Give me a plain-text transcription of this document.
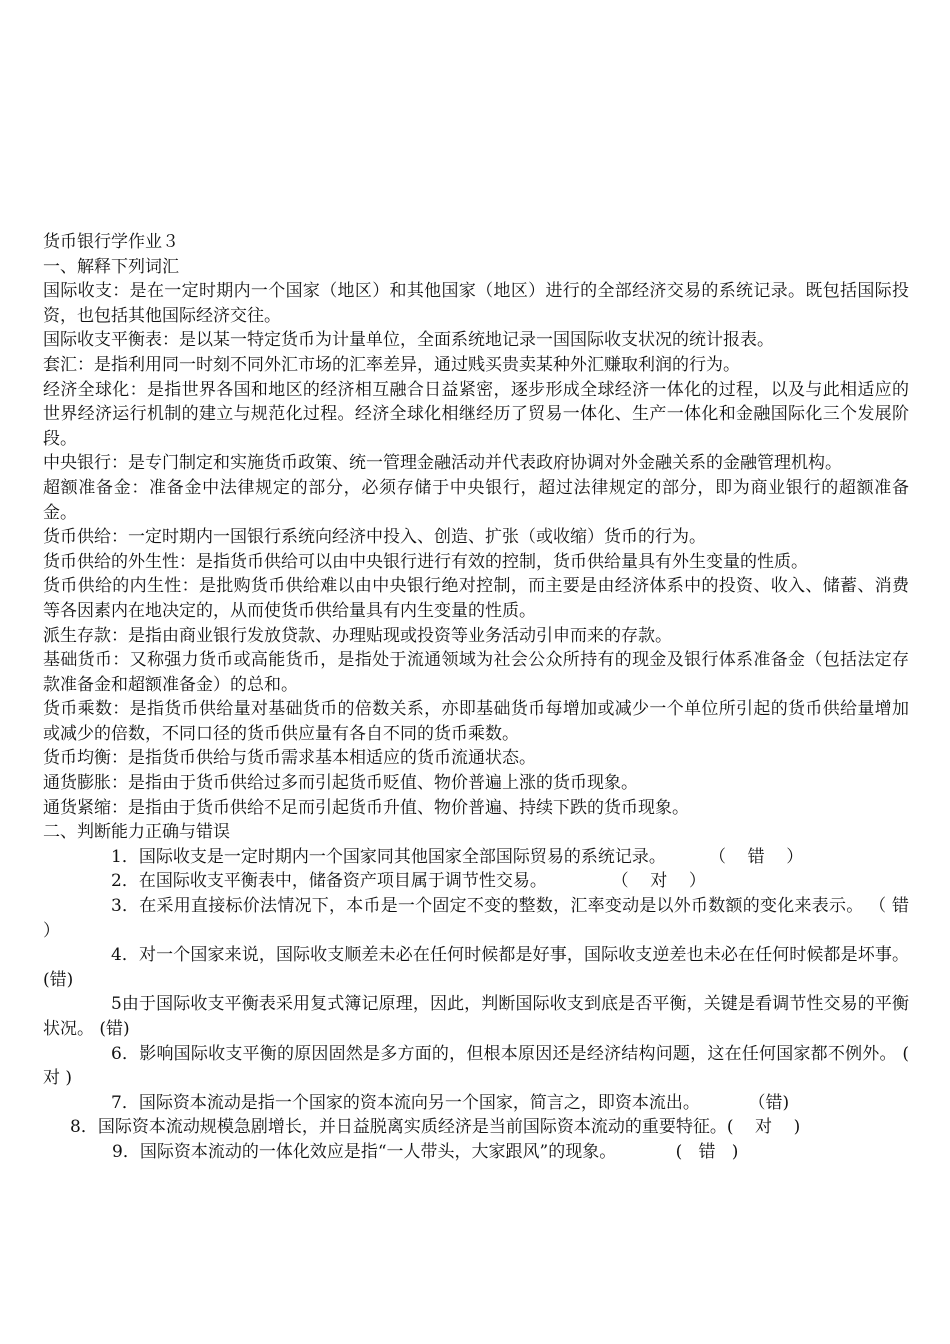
货币银行学作业３
一、解释下列词汇
国际收支：是在一定时期内一个国家（地区）和其他国家（地区）进行的全部经济交易的系统记录。既包括国际投资，也包括其他国际经济交往。
国际收支平衡表：是以某一特定货币为计量单位，全面系统地记录一国国际收支状况的统计报表。
套汇：是指利用同一时刻不同外汇市场的汇率差异，通过贱买贵卖某种外汇赚取利润的行为。
经济全球化：是指世界各国和地区的经济相互融合日益紧密，逐步形成全球经济一体化的过程，以及与此相适应的世界经济运行机制的建立与规范化过程。经济全球化相继经历了贸易一体化、生产一体化和金融国际化三个发展阶段。
中央银行：是专门制定和实施货币政策、统一管理金融活动并代表政府协调对外金融关系的金融管理机构。
超额准备金：准备金中法律规定的部分，必须存储于中央银行，超过法律规定的部分，即为商业银行的超额准备金。
货币供给：一定时期内一国银行系统向经济中投入、创造、扩张（或收缩）货币的行为。
货币供给的外生性：是指货币供给可以由中央银行进行有效的控制，货币供给量具有外生变量的性质。
货币供给的内生性：是批购货币供给难以由中央银行绝对控制，而主要是由经济体系中的投资、收入、储蓄、消费等各因素内在地决定的，从而使货币供给量具有内生变量的性质。
派生存款：是指由商业银行发放贷款、办理贴现或投资等业务活动引申而来的存款。
基础货币：又称强力货币或高能货币，是指处于流通领域为社会公众所持有的现金及银行体系准备金（包括法定存款准备金和超额准备金）的总和。
货币乘数：是指货币供给量对基础货币的倍数关系，亦即基础货币每增加或减少一个单位所引起的货币供给量增加或减少的倍数，不同口径的货币供应量有各自不同的货币乘数。
货币均衡：是指货币供给与货币需求基本相适应的货币流通状态。
通货膨胀：是指由于货币供给过多而引起货币贬值、物价普遍上涨的货币现象。
通货紧缩：是指由于货币供给不足而引起货币升值、物价普遍、持续下跌的货币现象。
二、判断能力正确与错误
1．国际收支是一定时期内一个国家同其他国家全部国际贸易的系统记录。        （    错    ）
2．在国际收支平衡表中，储备资产项目属于调节性交易。            （    对    ）
3．在采用直接标价法情况下，本币是一个固定不变的整数，汇率变动是以外币数额的变化来表示。 （ 错 ）
4．对一个国家来说，国际收支顺差未必在任何时候都是好事，国际收支逆差也未必在任何时候都是坏事。 (错)
5由于国际收支平衡表采用复式簿记原理，因此，判断国际收支到底是否平衡，关键是看调节性交易的平衡状况。 (错)
6．影响国际收支平衡的原因固然是多方面的，但根本原因还是经济结构问题，这在任何国家都不例外。 ( 对 )
7．国际资本流动是指一个国家的资本流向另一个国家，简言之，即资本流出。         （错)
8．国际资本流动规模急剧增长，并日益脱离实质经济是当前国际资本流动的重要特征。(    对    )
9．国际资本流动的一体化效应是指“一人带头，大家跟风”的现象。           (   错   )
